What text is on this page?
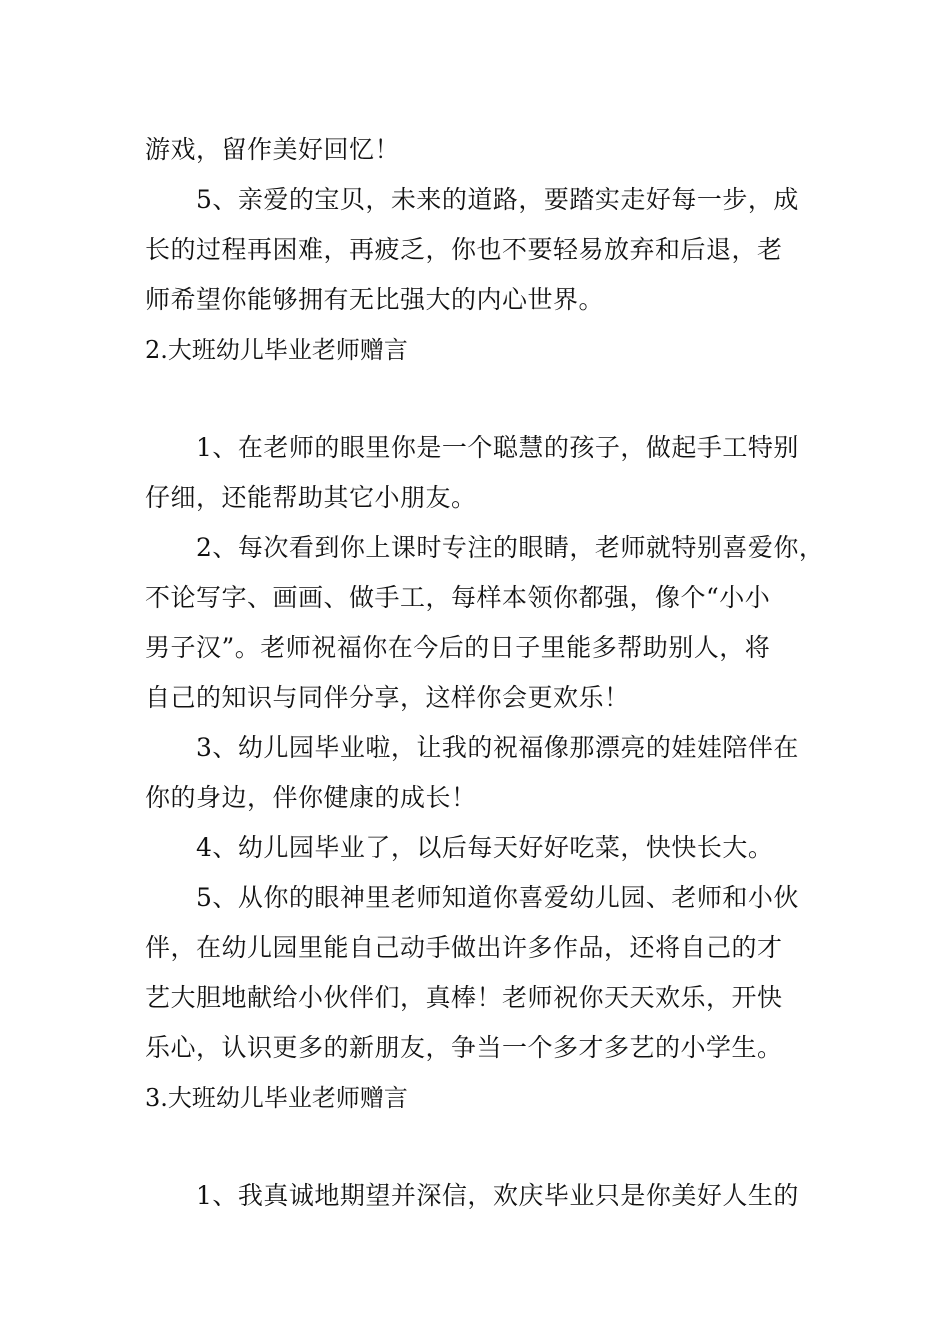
游戏，留作美好回忆！

5、亲爱的宝贝，未来的道路，要踏实走好每一步，成

长的过程再困难，再疲乏，你也不要轻易放弃和后退，老

师希望你能够拥有无比强大的内心世界。

2.大班幼儿毕业老师赠言

1、在老师的眼里你是一个聪慧的孩子，做起手工特别

仔细，还能帮助其它小朋友。

2、每次看到你上课时专注的眼睛，老师就特别喜爱你，

不论写字、画画、做手工，每样本领你都强，像个“小小

男子汉”。老师祝福你在今后的日子里能多帮助别人，将

自己的知识与同伴分享，这样你会更欢乐！

3、幼儿园毕业啦，让我的祝福像那漂亮的娃娃陪伴在

你的身边，伴你健康的成长！

4、幼儿园毕业了，以后每天好好吃菜，快快长大。

5、从你的眼神里老师知道你喜爱幼儿园、老师和小伙

伴，在幼儿园里能自己动手做出许多作品，还将自己的才

艺大胆地献给小伙伴们，真棒！老师祝你天天欢乐，开快

乐心，认识更多的新朋友，争当一个多才多艺的小学生。

3.大班幼儿毕业老师赠言

1、我真诚地期望并深信，欢庆毕业只是你美好人生的
